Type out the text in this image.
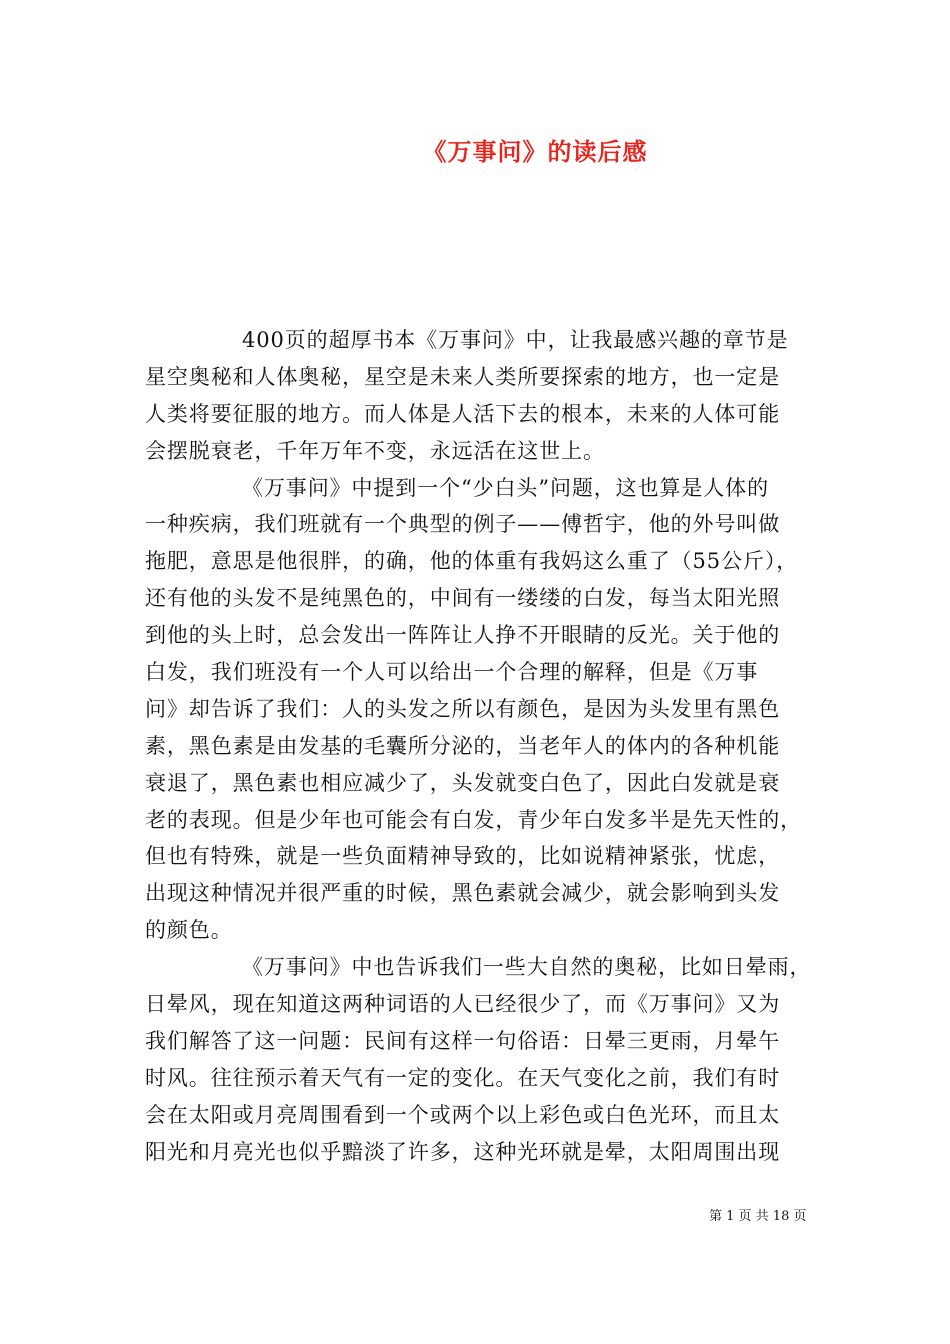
《万事问》的读后感
400页的超厚书本《万事问》中，让我最感兴趣的章节是
星空奥秘和人体奥秘，星空是未来人类所要探索的地方，也一定是
人类将要征服的地方。而人体是人活下去的根本，未来的人体可能
会摆脱衰老，千年万年不变，永远活在这世上。
《万事问》中提到一个“少白头”问题，这也算是人体的
一种疾病，我们班就有一个典型的例子——傅哲宇，他的外号叫做
拖肥，意思是他很胖，的确，他的体重有我妈这么重了（55公斤），
还有他的头发不是纯黑色的，中间有一缕缕的白发，每当太阳光照
到他的头上时，总会发出一阵阵让人挣不开眼睛的反光。关于他的
白发，我们班没有一个人可以给出一个合理的解释，但是《万事
问》却告诉了我们：人的头发之所以有颜色，是因为头发里有黑色
素，黑色素是由发基的毛囊所分泌的，当老年人的体内的各种机能
衰退了，黑色素也相应减少了，头发就变白色了，因此白发就是衰
老的表现。但是少年也可能会有白发，青少年白发多半是先天性的，
但也有特殊，就是一些负面精神导致的，比如说精神紧张，忧虑，
出现这种情况并很严重的时候，黑色素就会减少，就会影响到头发
的颜色。
《万事问》中也告诉我们一些大自然的奥秘，比如日晕雨，
日晕风，现在知道这两种词语的人已经很少了，而《万事问》又为
我们解答了这一问题：民间有这样一句俗语：日晕三更雨，月晕午
时风。往往预示着天气有一定的变化。在天气变化之前，我们有时
会在太阳或月亮周围看到一个或两个以上彩色或白色光环，而且太
阳光和月亮光也似乎黯淡了许多，这种光环就是晕，太阳周围出现
第 1 页 共 18 页
